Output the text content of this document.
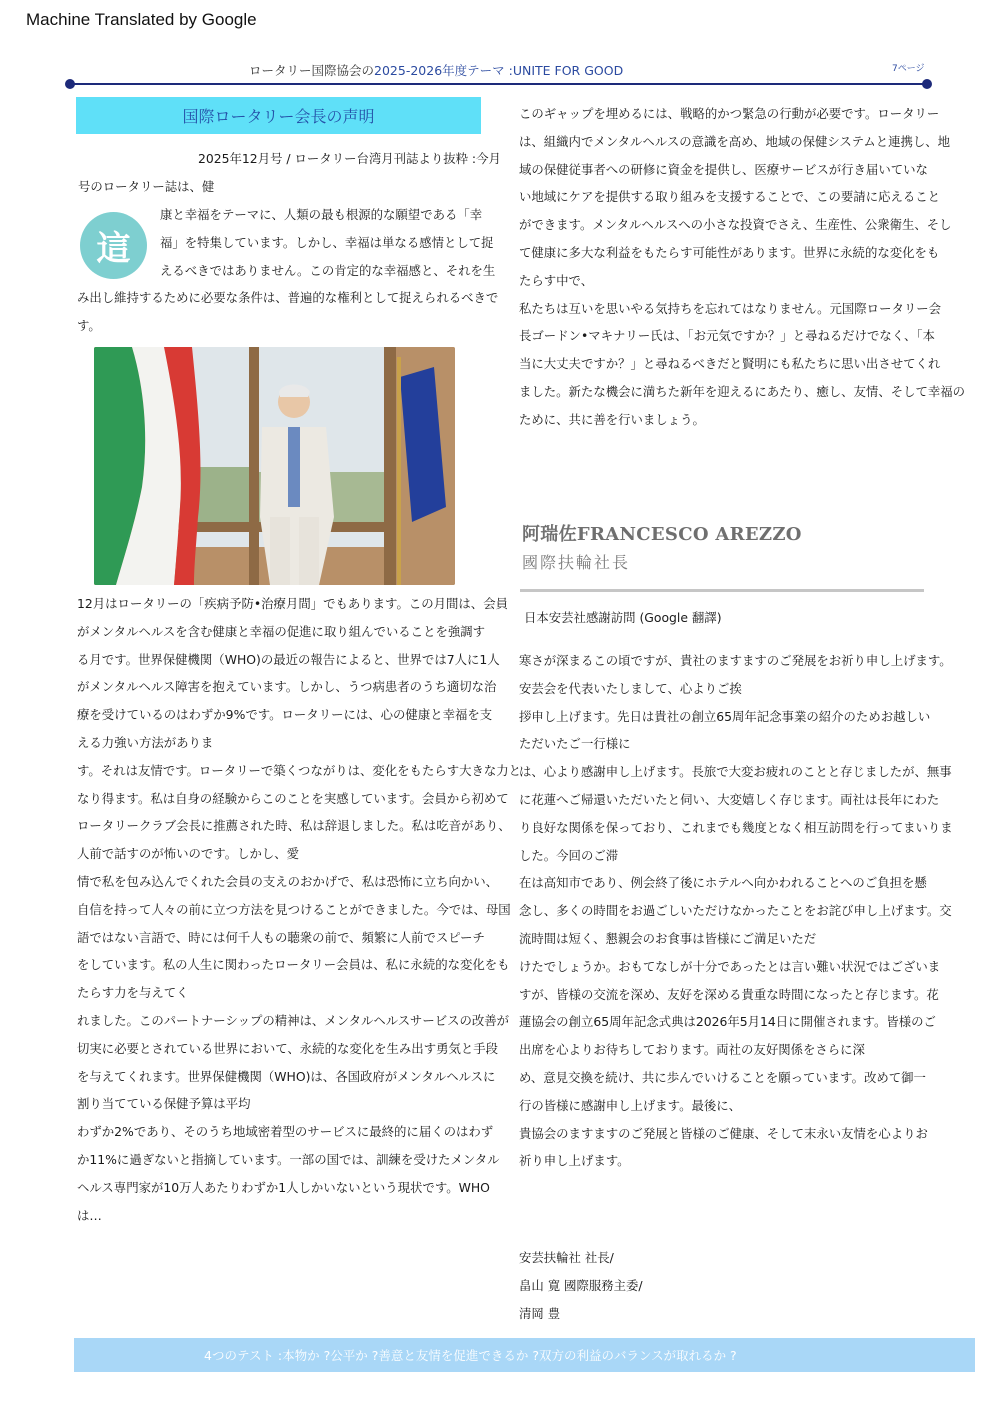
Machine Translated by Google
ロータリー国際協会の2025-2026年度テーマ :UNITE FOR GOOD	7ページ
国際ロータリー会長の声明
2025年12月号 / ロータリー台湾月刊誌より抜粋 :今月
号のロータリー誌は、健
這

康と幸福をテーマに、人類の最も根源的な願望である「幸

福」を特集しています。しかし、幸福は単なる感情として捉

えるべきではありません。この肯定的な幸福感と、それを生

み出し維持するために必要な条件は、普遍的な権利として捉えられるべきで

す。

12月はロータリーの「疾病予防•治療月間」でもあります。この月間は、会員

がメンタルヘルスを含む健康と幸福の促進に取り組んでいることを強調す

る月です。世界保健機関（WHO)の最近の報告によると、世界では7人に1人

がメンタルヘルス障害を抱えています。しかし、うつ病患者のうち適切な治

療を受けているのはわずか9%です。ロータリーには、心の健康と幸福を支

える力強い方法がありま

す。それは友情です。ロータリーで築くつながりは、変化をもたらす大きな力と

なり得ます。私は自身の経験からこのことを実感しています。会員から初めて

ロータリークラブ会長に推薦された時、私は辞退しました。私は吃音があり、

人前で話すのが怖いのです。しかし、愛

情で私を包み込んでくれた会員の支えのおかげで、私は恐怖に立ち向かい、

自信を持って人々の前に立つ方法を見つけることができました。今では、母国

語ではない言語で、時には何千人もの聴衆の前で、頻繁に人前でスピーチ

をしています。私の人生に関わったロータリー会員は、私に永続的な変化をも

たらす力を与えてく

れました。このパートナーシップの精神は、メンタルヘルスサービスの改善が

切実に必要とされている世界において、永続的な変化を生み出す勇気と手段

を与えてくれます。世界保健機関（WHO)は、各国政府がメンタルヘルスに

割り当てている保健予算は平均

わずか2%であり、そのうち地域密着型のサービスに最終的に届くのはわず

か11%に過ぎないと指摘しています。一部の国では、訓練を受けたメンタル

ヘルス専門家が10万人あたりわずか1人しかいないという現状です。WHO

は…

このギャップを埋めるには、戦略的かつ緊急の行動が必要です。ロータリー

は、組織内でメンタルヘルスの意識を高め、地域の保健システムと連携し、地

域の保健従事者への研修に資金を提供し、医療サービスが行き届いていな

い地域にケアを提供する取り組みを支援することで、この要請に応えること

ができます。メンタルヘルスへの小さな投資でさえ、生産性、公衆衛生、そし

て健康に多大な利益をもたらす可能性があります。世界に永続的な変化をも

たらす中で、

私たちは互いを思いやる気持ちを忘れてはなりません。元国際ロータリー会

長ゴードン•マキナリー氏は、「お元気ですか？」と尋ねるだけでなく、「本

当に大丈夫ですか？」と尋ねるべきだと賢明にも私たちに思い出させてくれ

ました。新たな機会に満ちた新年を迎えるにあたり、癒し、友情、そして幸福の

ために、共に善を行いましょう。

阿瑞佐FRANCESCO AREZZO
國際扶輪社長

日本安芸社感謝訪問 (Google 翻譯)

寒さが深まるこの頃ですが、貴社のますますのご発展をお祈り申し上げます。

安芸会を代表いたしまして、心よりご挨

拶申し上げます。先日は貴社の創立65周年記念事業の紹介のためお越しい

ただいたご一行様に

は、心より感謝申し上げます。長旅で大変お疲れのことと存じましたが、無事

に花蓮へご帰還いただいたと伺い、大変嬉しく存じます。両社は長年にわた

り良好な関係を保っており、これまでも幾度となく相互訪問を行ってまいりま

した。今回のご滞

在は高知市であり、例会終了後にホテルへ向かわれることへのご負担を懸

念し、多くの時間をお過ごしいただけなかったことをお詫び申し上げます。交

流時間は短く、懇親会のお食事は皆様にご満足いただ

けたでしょうか。おもてなしが十分であったとは言い難い状況ではございま

すが、皆様の交流を深め、友好を深める貴重な時間になったと存じます。花

蓮協会の創立65周年記念式典は2026年5月14日に開催されます。皆様のご

出席を心よりお待ちしております。両社の友好関係をさらに深

め、意見交換を続け、共に歩んでいけることを願っています。改めて御一

行の皆様に感謝申し上げます。最後に、

貴協会のますますのご発展と皆様のご健康、そして末永い友情を心よりお

祈り申し上げます。

安芸扶輪社 社長/

畠山 寛 國際服務主委/

清岡 豊

4つのテスト :本物か ?公平か ?善意と友情を促進できるか ?双方の利益のバランスが取れるか ?
